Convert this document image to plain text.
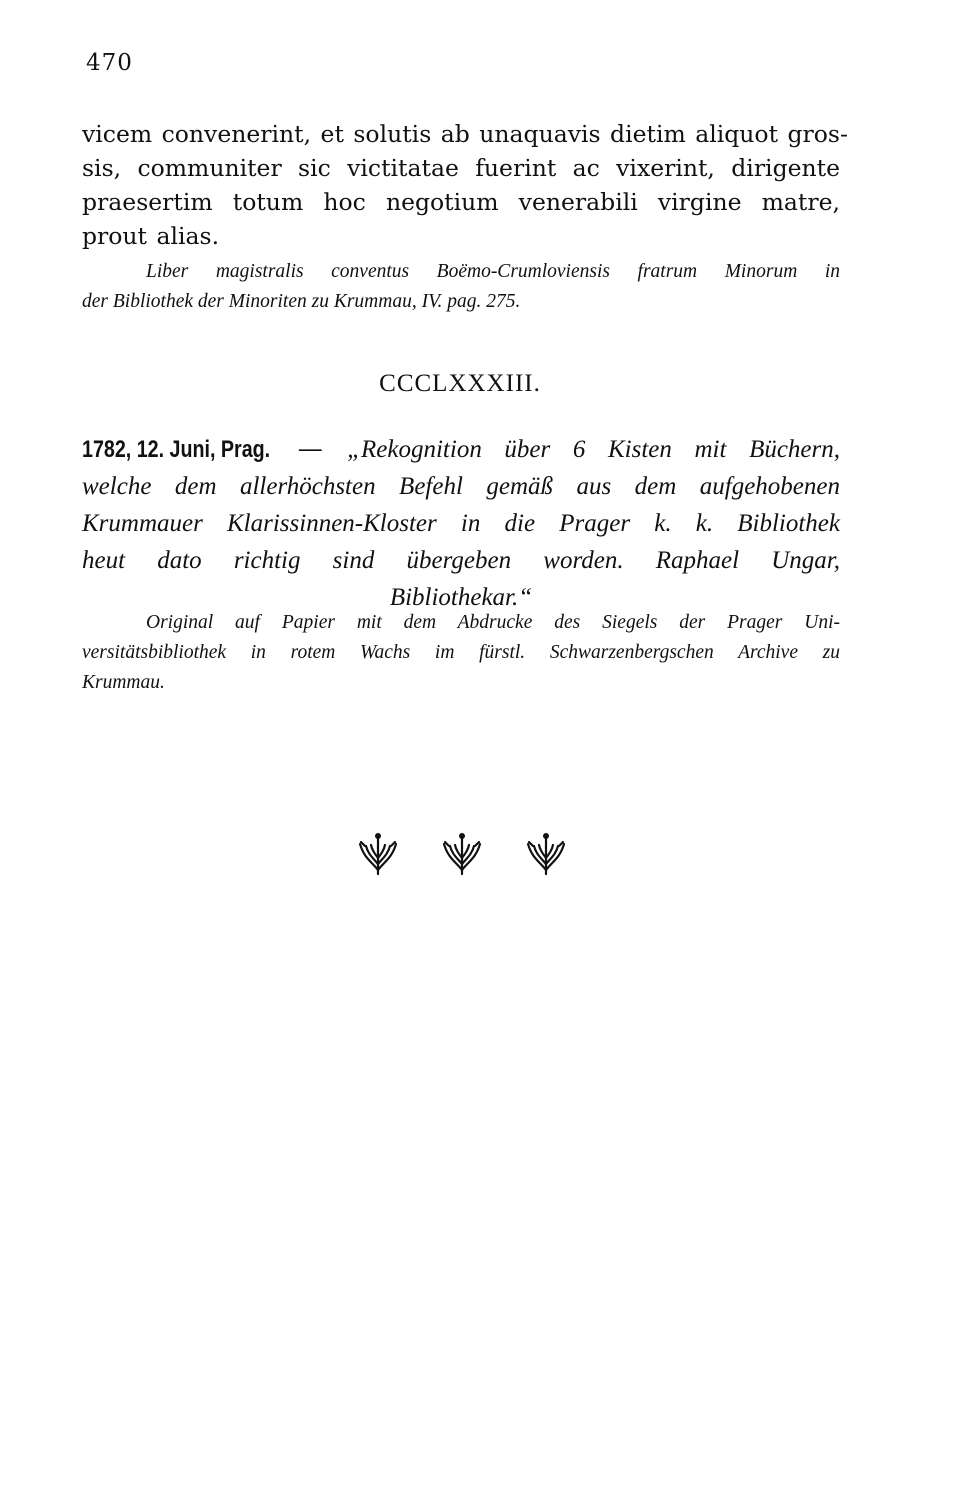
470
vicem convenerint, et solutis ab unaquavis dietim aliquot gros-
sis, communiter sic victitatae fuerint ac vixerint, dirigente
praesertim totum hoc negotium venerabili virgine matre,
prout alias.
Liber magistralis conventus Boëmo-Crumloviensis fratrum Minorum in
der Bibliothek der Minoriten zu Krummau, IV. pag. 275.
CCCLXXXIII.
1782, 12. Juni, Prag. — „Rekognition über 6 Kisten mit Büchern,
welche dem allerhöchsten Befehl gemäß aus dem aufgehobenen
Krummauer Klarissinnen-Kloster in die Prager k. k. Bibliothek
heut dato richtig sind übergeben worden. Raphael Ungar,
Bibliothekar.“
Original auf Papier mit dem Abdrucke des Siegels der Prager Uni-
versitätsbibliothek in rotem Wachs im fürstl. Schwarzenbergschen Archive zu
Krummau.
